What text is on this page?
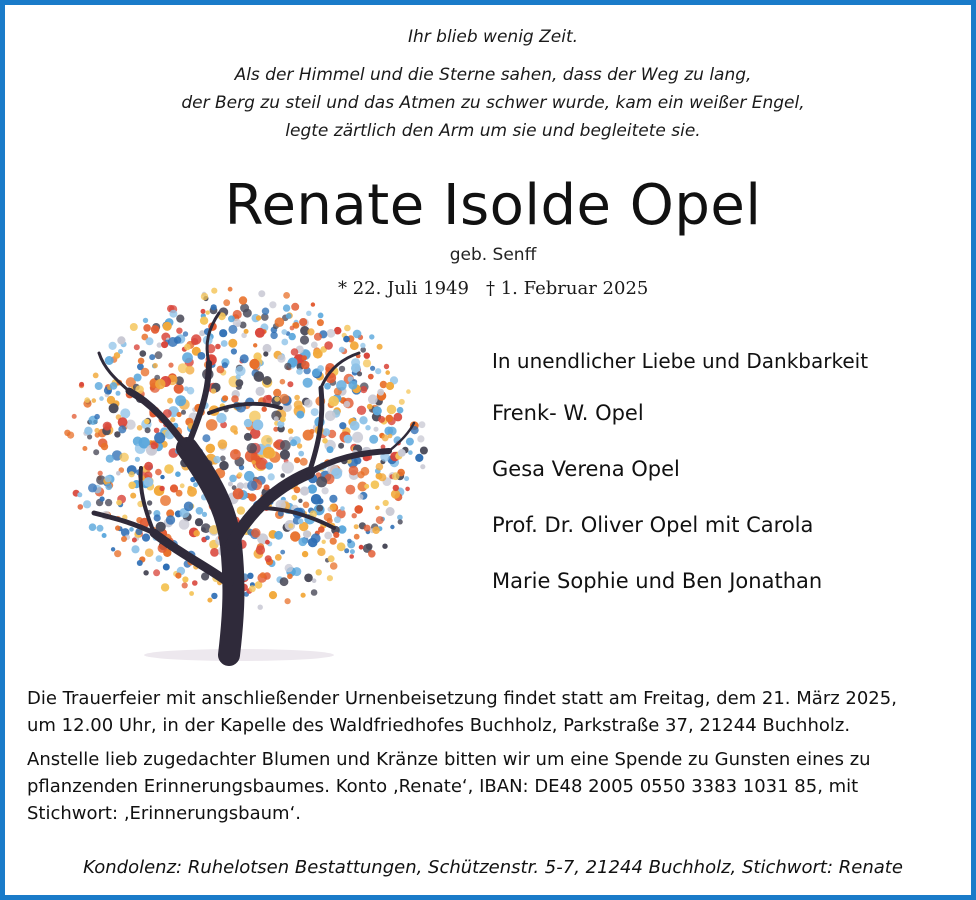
Ihr blieb wenig Zeit.
Als der Himmel und die Sterne sahen, dass der Weg zu lang,
der Berg zu steil und das Atmen zu schwer wurde, kam ein weißer Engel,
legte zärtlich den Arm um sie und begleitete sie.
Renate Isolde Opel
geb. Senff
* 22. Juli 1949 † 1. Februar 2025
In unendlicher Liebe und Dankbarkeit
Frenk- W. Opel
Gesa Verena Opel
Prof. Dr. Oliver Opel mit Carola
Marie Sophie und Ben Jonathan
Die Trauerfeier mit anschließender Urnenbeisetzung findet statt am Freitag, dem 21. März 2025,
um 12.00 Uhr, in der Kapelle des Waldfriedhofes Buchholz, Parkstraße 37, 21244 Buchholz.
Anstelle lieb zugedachter Blumen und Kränze bitten wir um eine Spende zu Gunsten eines zu
pflanzenden Erinnerungsbaumes. Konto ‚Renate‘, IBAN: DE48 2005 0550 3383 1031 85, mit
Stichwort: ‚Erinnerungsbaum‘.
Kondolenz: Ruhelotsen Bestattungen, Schützenstr. 5-7, 21244 Buchholz, Stichwort: Renate
